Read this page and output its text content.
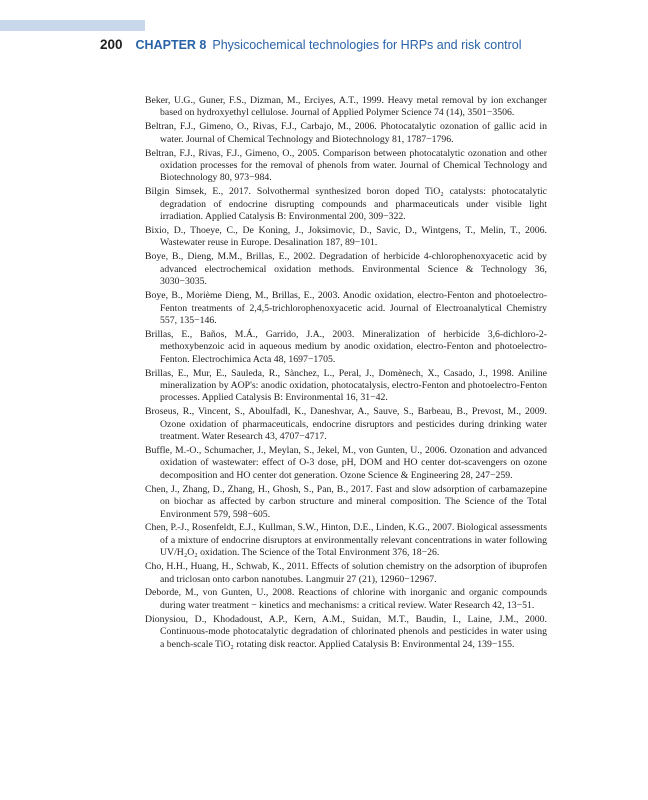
200 CHAPTER 8 Physicochemical technologies for HRPs and risk control
Beker, U.G., Guner, F.S., Dizman, M., Erciyes, A.T., 1999. Heavy metal removal by ion exchanger based on hydroxyethyl cellulose. Journal of Applied Polymer Science 74 (14), 3501−3506.
Beltran, F.J., Gimeno, O., Rivas, F.J., Carbajo, M., 2006. Photocatalytic ozonation of gallic acid in water. Journal of Chemical Technology and Biotechnology 81, 1787−1796.
Beltran, F.J., Rivas, F.J., Gimeno, O., 2005. Comparison between photocatalytic ozonation and other oxidation processes for the removal of phenols from water. Journal of Chemical Technology and Biotechnology 80, 973−984.
Bilgin Simsek, E., 2017. Solvothermal synthesized boron doped TiO₂ catalysts: photocatalytic degradation of endocrine disrupting compounds and pharmaceuticals under visible light irradiation. Applied Catalysis B: Environmental 200, 309−322.
Bixio, D., Thoeye, C., De Koning, J., Joksimovic, D., Savic, D., Wintgens, T., Melin, T., 2006. Wastewater reuse in Europe. Desalination 187, 89−101.
Boye, B., Dieng, M.M., Brillas, E., 2002. Degradation of herbicide 4-chlorophenoxyacetic acid by advanced electrochemical oxidation methods. Environmental Science & Technology 36, 3030−3035.
Boye, B., Morième Dieng, M., Brillas, E., 2003. Anodic oxidation, electro-Fenton and photoelectro-Fenton treatments of 2,4,5-trichlorophenoxyacetic acid. Journal of Electroanalytical Chemistry 557, 135−146.
Brillas, E., Baños, M.Á., Garrido, J.A., 2003. Mineralization of herbicide 3,6-dichloro-2-methoxybenzoic acid in aqueous medium by anodic oxidation, electro-Fenton and photoelectro-Fenton. Electrochimica Acta 48, 1697−1705.
Brillas, E., Mur, E., Sauleda, R., Sànchez, L., Peral, J., Domènech, X., Casado, J., 1998. Aniline mineralization by AOP's: anodic oxidation, photocatalysis, electro-Fenton and photoelectro-Fenton processes. Applied Catalysis B: Environmental 16, 31−42.
Broseus, R., Vincent, S., Aboulfadl, K., Daneshvar, A., Sauve, S., Barbeau, B., Prevost, M., 2009. Ozone oxidation of pharmaceuticals, endocrine disruptors and pesticides during drinking water treatment. Water Research 43, 4707−4717.
Buffle, M.-O., Schumacher, J., Meylan, S., Jekel, M., von Gunten, U., 2006. Ozonation and advanced oxidation of wastewater: effect of O-3 dose, pH, DOM and HO center dot-scavengers on ozone decomposition and HO center dot generation. Ozone Science & Engineering 28, 247−259.
Chen, J., Zhang, D., Zhang, H., Ghosh, S., Pan, B., 2017. Fast and slow adsorption of carbamazepine on biochar as affected by carbon structure and mineral composition. The Science of the Total Environment 579, 598−605.
Chen, P.-J., Rosenfeldt, E.J., Kullman, S.W., Hinton, D.E., Linden, K.G., 2007. Biological assessments of a mixture of endocrine disruptors at environmentally relevant concentrations in water following UV/H₂O₂ oxidation. The Science of the Total Environment 376, 18−26.
Cho, H.H., Huang, H., Schwab, K., 2011. Effects of solution chemistry on the adsorption of ibuprofen and triclosan onto carbon nanotubes. Langmuir 27 (21), 12960−12967.
Deborde, M., von Gunten, U., 2008. Reactions of chlorine with inorganic and organic compounds during water treatment − kinetics and mechanisms: a critical review. Water Research 42, 13−51.
Dionysiou, D., Khodadoust, A.P., Kern, A.M., Suidan, M.T., Baudin, I., Laine, J.M., 2000. Continuous-mode photocatalytic degradation of chlorinated phenols and pesticides in water using a bench-scale TiO₂ rotating disk reactor. Applied Catalysis B: Environmental 24, 139−155.
